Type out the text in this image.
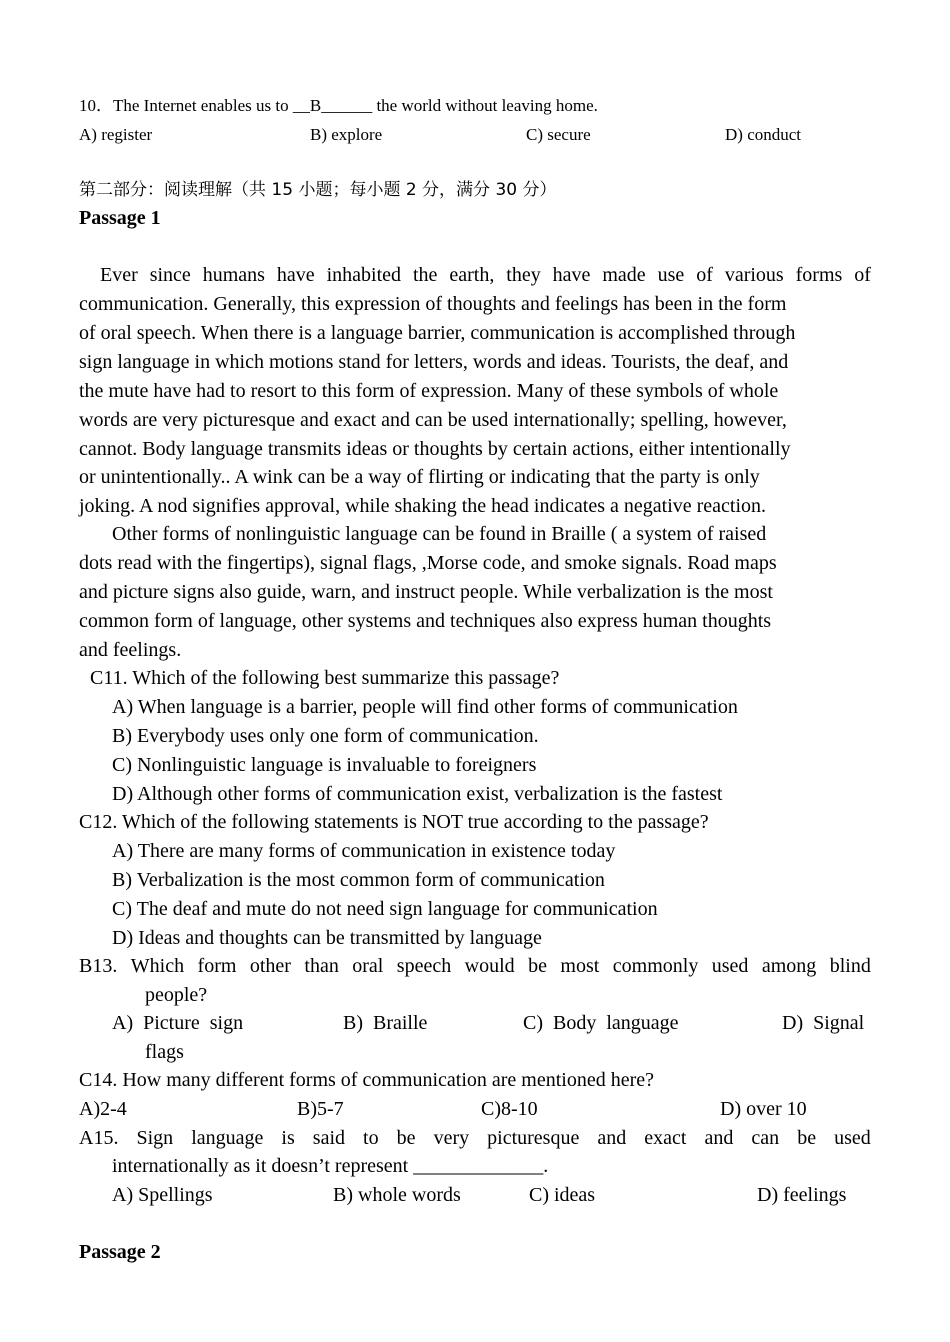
10．The Internet enables us to __B______ the world without leaving home.
A) register	B) explore	C) secure	D) conduct
第二部分：阅读理解（共 15 小题；每小题 2 分，满分 30 分）
Passage 1
Ever since humans have inhabited the earth, they have made use of various forms of
communication. Generally, this expression of thoughts and feelings has been in the form
of oral speech. When there is a language barrier, communication is accomplished through
sign language in which motions stand for letters, words and ideas. Tourists, the deaf, and
the mute have had to resort to this form of expression. Many of these symbols of whole
words are very picturesque and exact and can be used internationally; spelling, however,
cannot. Body language transmits ideas or thoughts by certain actions, either intentionally
or unintentionally.. A wink can be a way of flirting or indicating that the party is only
joking. A nod signifies approval, while shaking the head indicates a negative reaction.
Other forms of nonlinguistic language can be found in Braille ( a system of raised
dots read with the fingertips), signal flags, ,Morse code, and smoke signals. Road maps
and picture signs also guide, warn, and instruct people. While verbalization is the most
common form of language, other systems and techniques also express human thoughts
and feelings.
C11. Which of the following best summarize this passage?
A) When language is a barrier, people will find other forms of communication
B) Everybody uses only one form of communication.
C) Nonlinguistic language is invaluable to foreigners
D) Although other forms of communication exist, verbalization is the fastest
C12. Which of the following statements is NOT true according to the passage?
A) There are many forms of communication in existence today
B) Verbalization is the most common form of communication
C) The deaf and mute do not need sign language for communication
D) Ideas and thoughts can be transmitted by language
B13. Which form other than oral speech would be most commonly used among blind
people?
A)  Picture  sign	B)  Braille	C)  Body  language	D)  Signal
flags
C14. How many different forms of communication are mentioned here?
A)2-4	B)5-7	C)8-10	D) over 10
A15. Sign language is said to be very picturesque and exact and can be used
internationally as it doesn’t represent _____________.
A) Spellings	B) whole words	C) ideas	D) feelings
Passage 2
